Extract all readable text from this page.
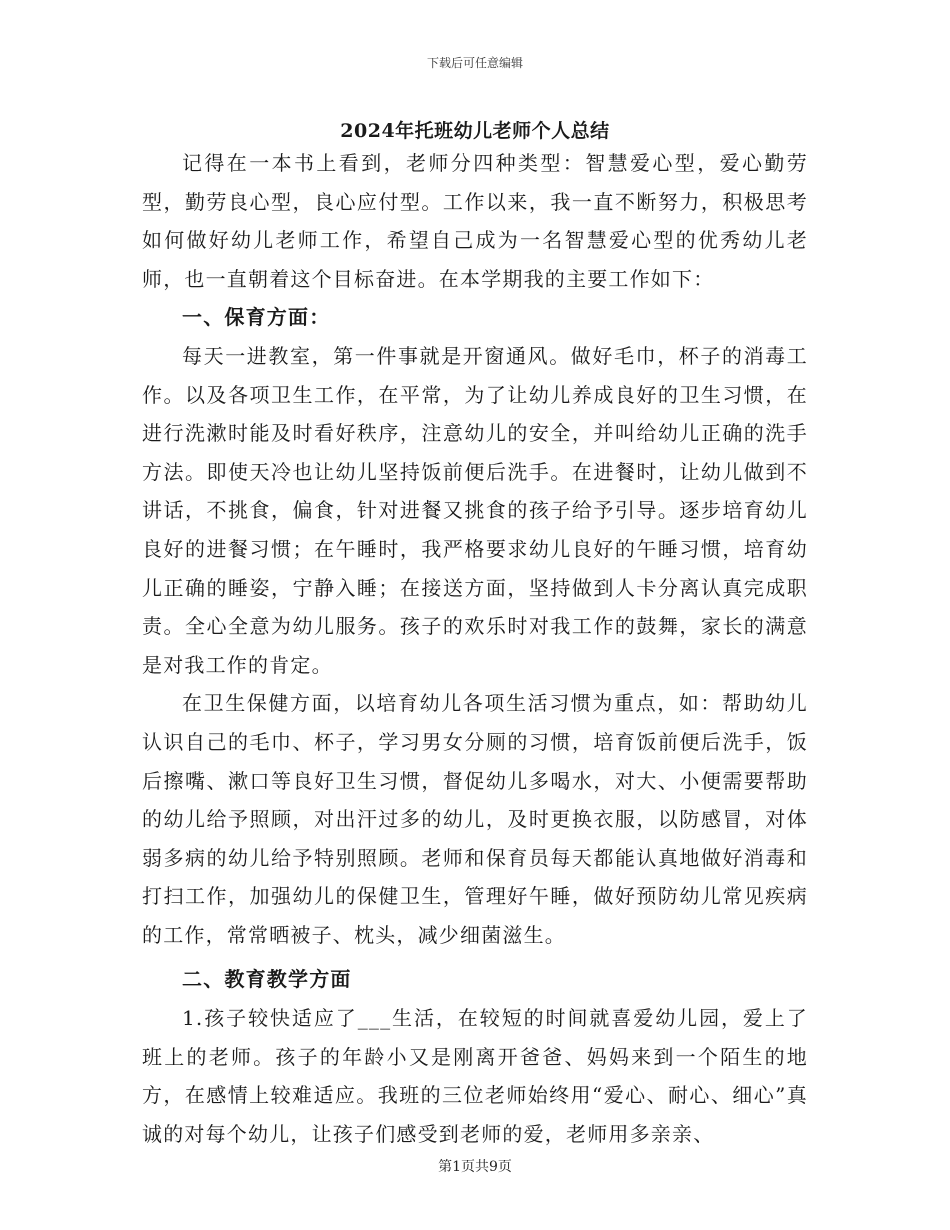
下载后可任意编辑
2024年托班幼儿老师个人总结

记得在一本书上看到，老师分四种类型：智慧爱心型，爱心勤劳型，勤劳良心型，良心应付型。工作以来，我一直不断努力，积极思考如何做好幼儿老师工作，希望自己成为一名智慧爱心型的优秀幼儿老师，也一直朝着这个目标奋进。在本学期我的主要工作如下：

一、保育方面：

每天一进教室，第一件事就是开窗通风。做好毛巾，杯子的消毒工作。以及各项卫生工作，在平常，为了让幼儿养成良好的卫生习惯，在进行洗漱时能及时看好秩序，注意幼儿的安全，并叫给幼儿正确的洗手方法。即使天冷也让幼儿坚持饭前便后洗手。在进餐时，让幼儿做到不讲话，不挑食，偏食，针对进餐又挑食的孩子给予引导。逐步培育幼儿良好的进餐习惯；在午睡时，我严格要求幼儿良好的午睡习惯，培育幼儿正确的睡姿，宁静入睡；在接送方面，坚持做到人卡分离认真完成职责。全心全意为幼儿服务。孩子的欢乐时对我工作的鼓舞，家长的满意是对我工作的肯定。

在卫生保健方面，以培育幼儿各项生活习惯为重点，如：帮助幼儿认识自己的毛巾、杯子，学习男女分厕的习惯，培育饭前便后洗手，饭后擦嘴、漱口等良好卫生习惯，督促幼儿多喝水，对大、小便需要帮助的幼儿给予照顾，对出汗过多的幼儿，及时更换衣服，以防感冒，对体弱多病的幼儿给予特别照顾。老师和保育员每天都能认真地做好消毒和打扫工作，加强幼儿的保健卫生，管理好午睡，做好预防幼儿常见疾病的工作，常常晒被子、枕头，减少细菌滋生。

二、教育教学方面

1.孩子较快适应了___生活，在较短的时间就喜爱幼儿园，爱上了班上的老师。孩子的年龄小又是刚离开爸爸、妈妈来到一个陌生的地方，在感情上较难适应。我班的三位老师始终用“爱心、耐心、细心”真诚的对每个幼儿，让孩子们感受到老师的爱，老师用多亲亲、

第1页共9页
